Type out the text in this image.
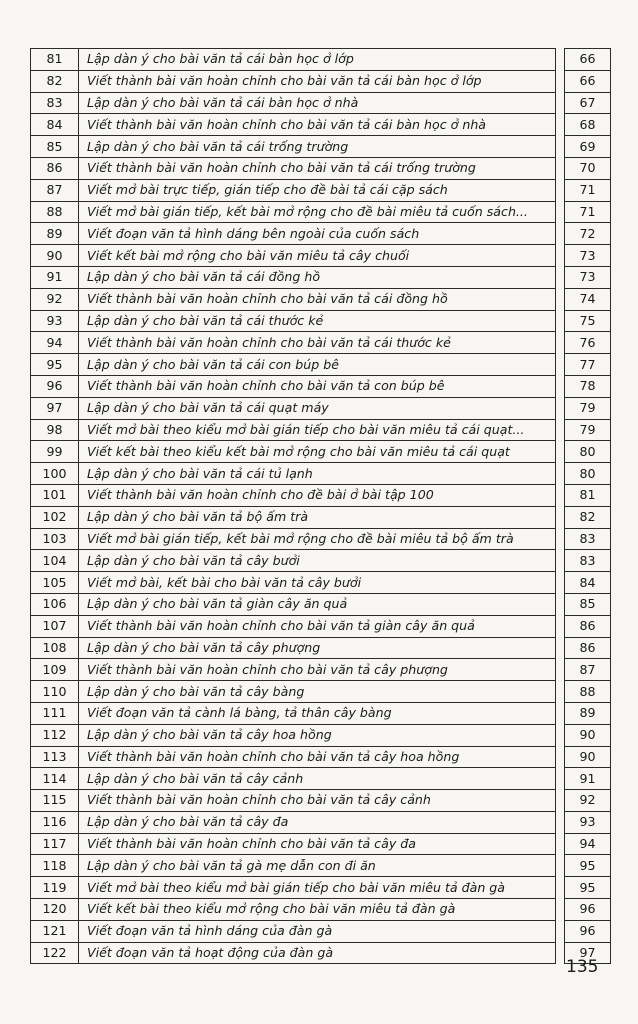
81	Lập dàn ý cho bài văn tả cái bàn học ở lớp		66
82	Viết thành bài văn hoàn chỉnh cho bài văn tả cái bàn học ở lớp		66
83	Lập dàn ý cho bài văn tả cái bàn học ở nhà		67
84	Viết thành bài văn hoàn chỉnh cho bài văn tả cái bàn học ở nhà		68
85	Lập dàn ý cho bài văn tả cái trống trường		69
86	Viết thành bài văn hoàn chỉnh cho bài văn tả cái trống trường		70
87	Viết mở bài trực tiếp, gián tiếp cho đề bài tả cái cặp sách		71
88	Viết mở bài gián tiếp, kết bài mở rộng cho đề bài miêu tả cuốn sách...		71
89	Viết đoạn văn tả hình dáng bên ngoài của cuốn sách		72
90	Viết kết bài mở rộng cho bài văn miêu tả cây chuối		73
91	Lập dàn ý cho bài văn tả cái đồng hồ		73
92	Viết thành bài văn hoàn chỉnh cho bài văn tả cái đồng hồ		74
93	Lập dàn ý cho bài văn tả cái thước kẻ		75
94	Viết thành bài văn hoàn chỉnh cho bài văn tả cái thước kẻ		76
95	Lập dàn ý cho bài văn tả cái con búp bê		77
96	Viết thành bài văn hoàn chỉnh cho bài văn tả con búp bê		78
97	Lập dàn ý cho bài văn tả cái quạt máy		79
98	Viết mở bài theo kiểu mở bài gián tiếp cho bài văn miêu tả cái quạt...		79
99	Viết kết bài theo kiểu kết bài mở rộng cho bài văn miêu tả cái quạt		80
100	Lập dàn ý cho bài văn tả cái tủ lạnh		80
101	Viết thành bài văn hoàn chỉnh cho đề bài ở bài tập 100		81
102	Lập dàn ý cho bài văn tả bộ ấm trà		82
103	Viết mở bài gián tiếp, kết bài mở rộng cho đề bài miêu tả bộ ấm trà		83
104	Lập dàn ý cho bài văn tả cây bưởi		83
105	Viết mở bài, kết bài cho bài văn tả cây bưởi		84
106	Lập dàn ý cho bài văn tả giàn cây ăn quả		85
107	Viết thành bài văn hoàn chỉnh cho bài văn tả giàn cây ăn quả		86
108	Lập dàn ý cho bài văn tả cây phượng		86
109	Viết thành bài văn hoàn chỉnh cho bài văn tả cây phượng		87
110	Lập dàn ý cho bài văn tả cây bàng		88
111	Viết đoạn văn tả cành lá bàng, tả thân cây bàng		89
112	Lập dàn ý cho bài văn tả cây hoa hồng		90
113	Viết thành bài văn hoàn chỉnh cho bài văn tả cây hoa hồng		90
114	Lập dàn ý cho bài văn tả cây cảnh		91
115	Viết thành bài văn hoàn chỉnh cho bài văn tả cây cảnh		92
116	Lập dàn ý cho bài văn tả cây đa		93
117	Viết thành bài văn hoàn chỉnh cho bài văn tả cây đa		94
118	Lập dàn ý cho bài văn tả gà mẹ dẫn con đi ăn		95
119	Viết mở bài theo kiểu mở bài gián tiếp cho bài văn miêu tả đàn gà		95
120	Viết kết bài theo kiểu mở rộng cho bài văn miêu tả đàn gà		96
121	Viết đoạn văn tả hình dáng của đàn gà		96
122	Viết đoạn văn tả hoạt động của đàn gà		97
135
